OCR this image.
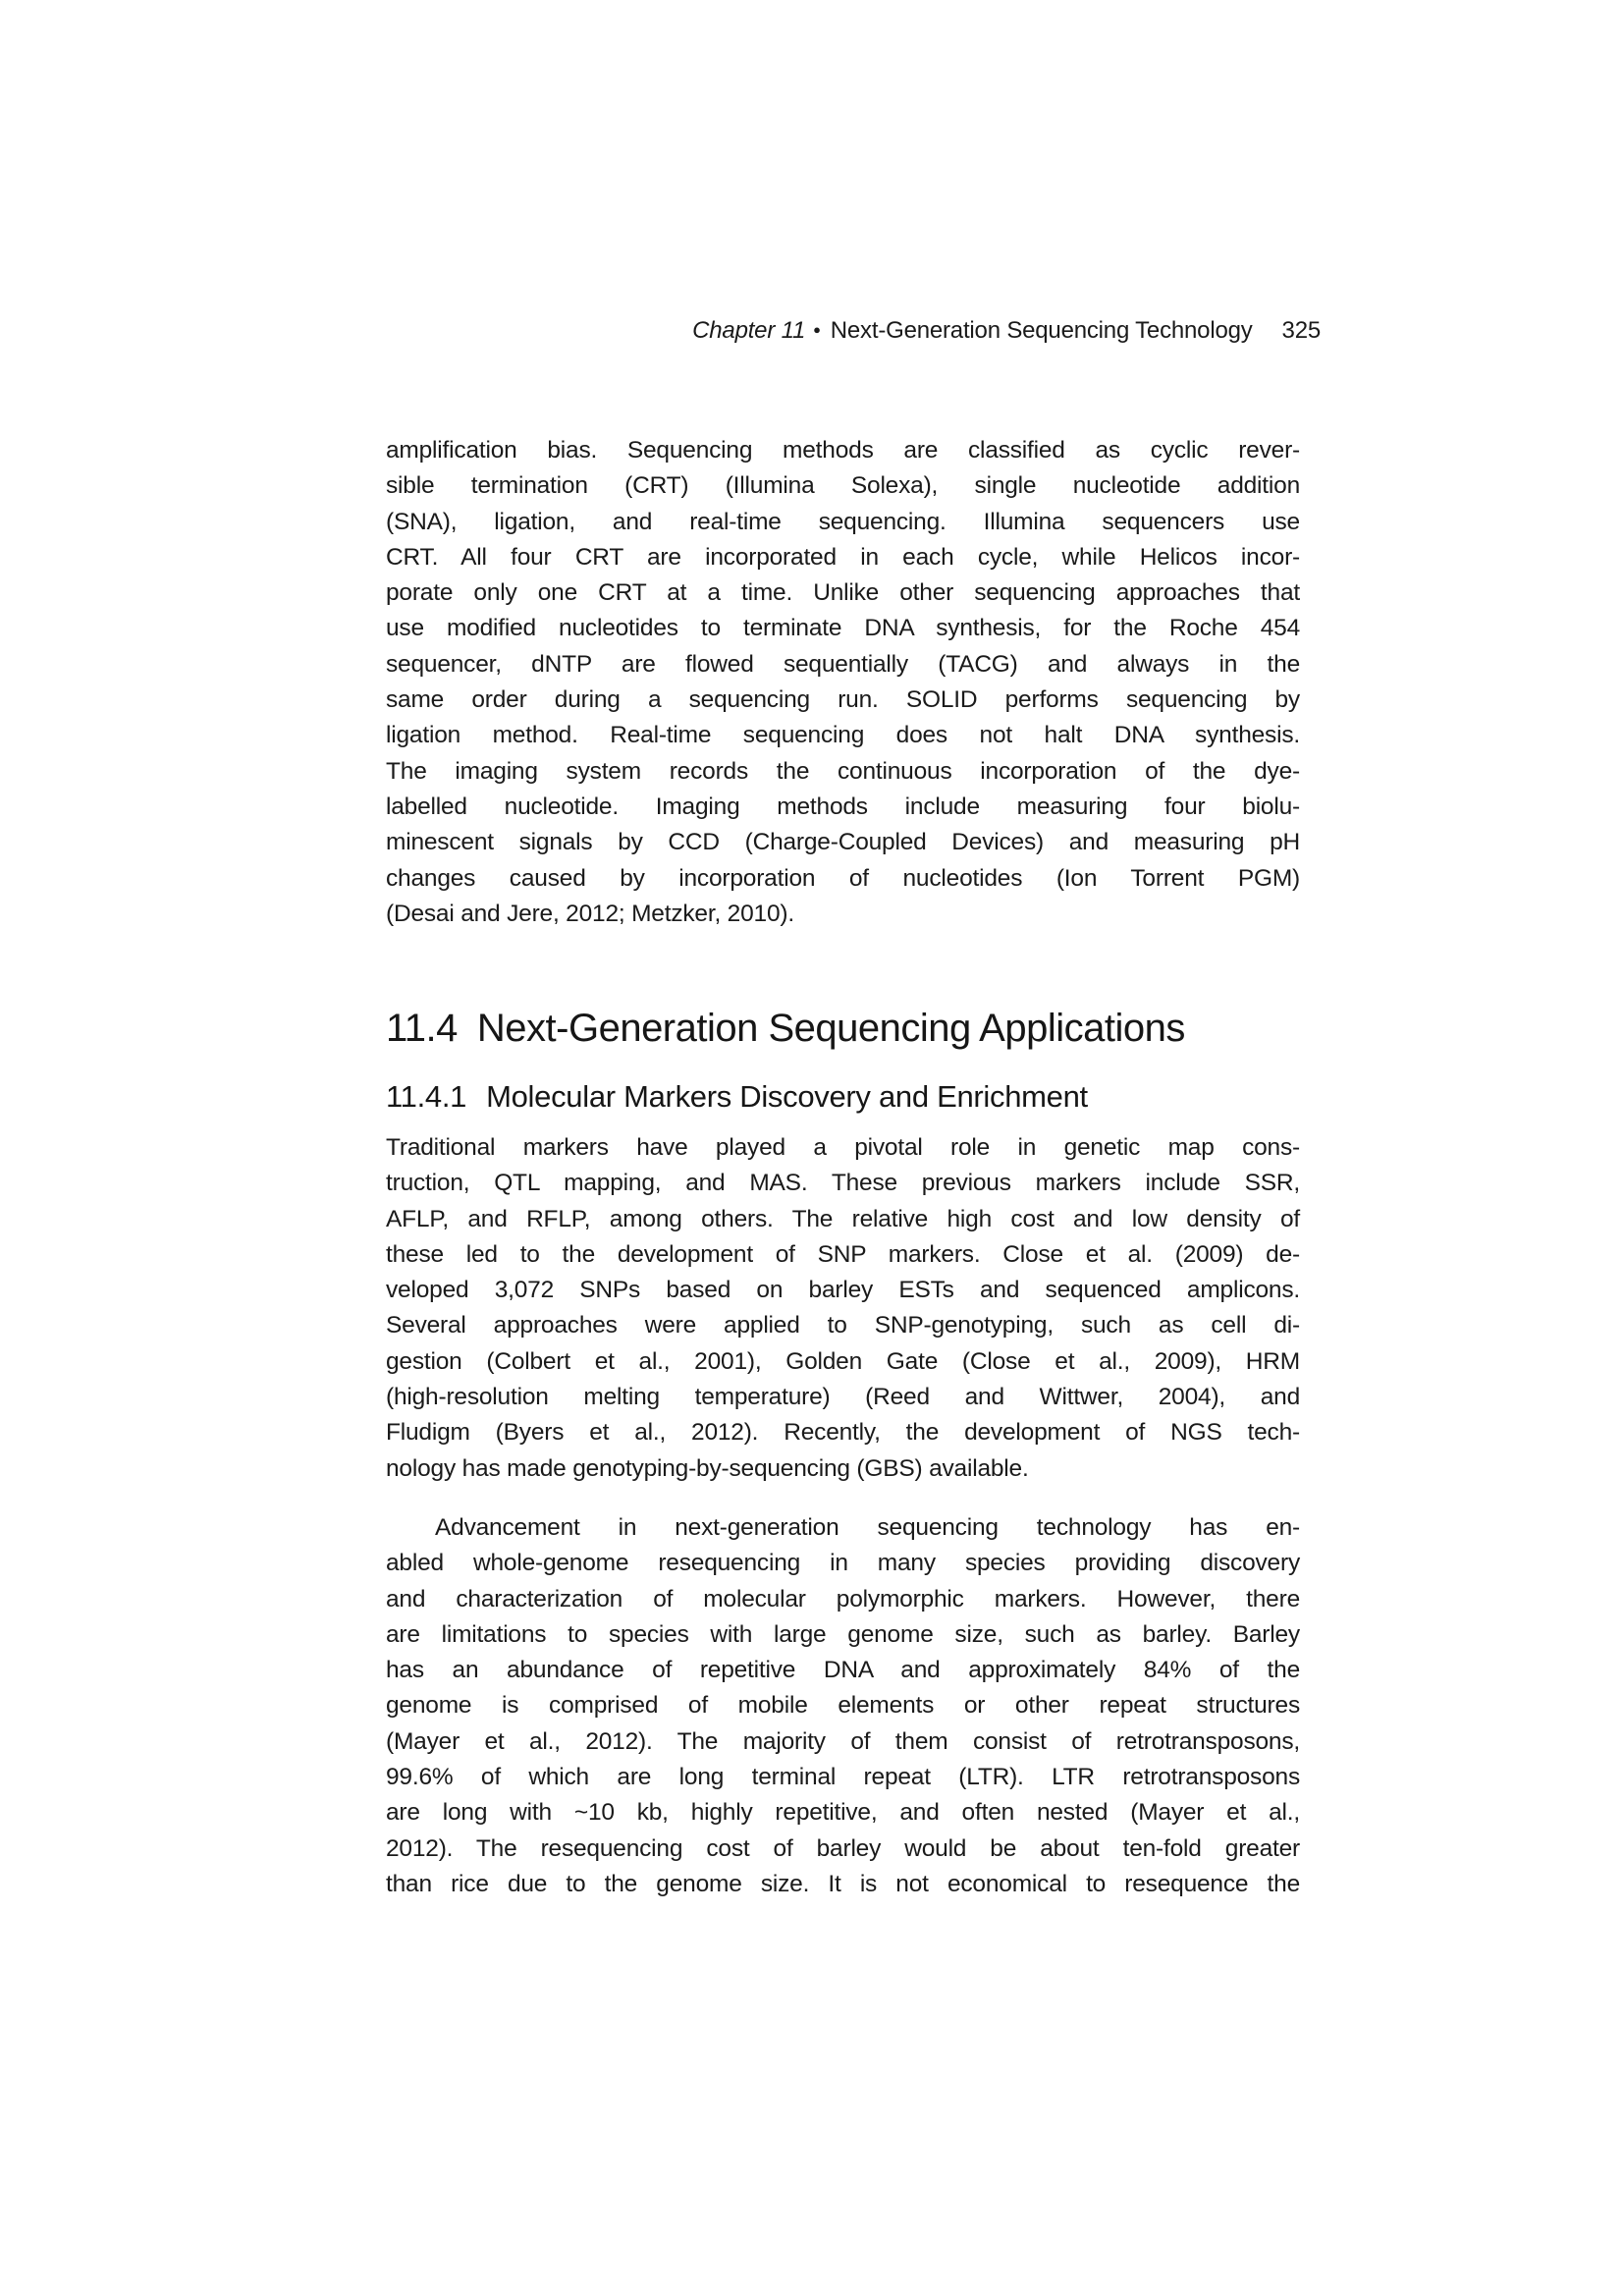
Chapter 11 ● Next-Generation Sequencing Technology 325
amplification bias. Sequencing methods are classified as cyclic rever-
sible termination (CRT) (Illumina Solexa), single nucleotide addition
(SNA), ligation, and real-time sequencing. Illumina sequencers use
CRT. All four CRT are incorporated in each cycle, while Helicos incor-
porate only one CRT at a time. Unlike other sequencing approaches that
use modified nucleotides to terminate DNA synthesis, for the Roche 454
sequencer, dNTP are flowed sequentially (TACG) and always in the
same order during a sequencing run. SOLID performs sequencing by
ligation method. Real-time sequencing does not halt DNA synthesis.
The imaging system records the continuous incorporation of the dye-
labelled nucleotide. Imaging methods include measuring four biolu-
minescent signals by CCD (Charge-Coupled Devices) and measuring pH
changes caused by incorporation of nucleotides (Ion Torrent PGM)
(Desai and Jere, 2012; Metzker, 2010).
11.4 Next-Generation Sequencing Applications
11.4.1 Molecular Markers Discovery and Enrichment
Traditional markers have played a pivotal role in genetic map cons-
truction, QTL mapping, and MAS. These previous markers include SSR,
AFLP, and RFLP, among others. The relative high cost and low density of
these led to the development of SNP markers. Close et al. (2009) de-
veloped 3,072 SNPs based on barley ESTs and sequenced amplicons.
Several approaches were applied to SNP-genotyping, such as cell di-
gestion (Colbert et al., 2001), Golden Gate (Close et al., 2009), HRM
(high-resolution melting temperature) (Reed and Wittwer, 2004), and
Fludigm (Byers et al., 2012). Recently, the development of NGS tech-
nology has made genotyping-by-sequencing (GBS) available.
Advancement in next-generation sequencing technology has en-
abled whole-genome resequencing in many species providing discovery
and characterization of molecular polymorphic markers. However, there
are limitations to species with large genome size, such as barley. Barley
has an abundance of repetitive DNA and approximately 84% of the
genome is comprised of mobile elements or other repeat structures
(Mayer et al., 2012). The majority of them consist of retrotransposons,
99.6% of which are long terminal repeat (LTR). LTR retrotransposons
are long with ~10 kb, highly repetitive, and often nested (Mayer et al.,
2012). The resequencing cost of barley would be about ten-fold greater
than rice due to the genome size. It is not economical to resequence the
